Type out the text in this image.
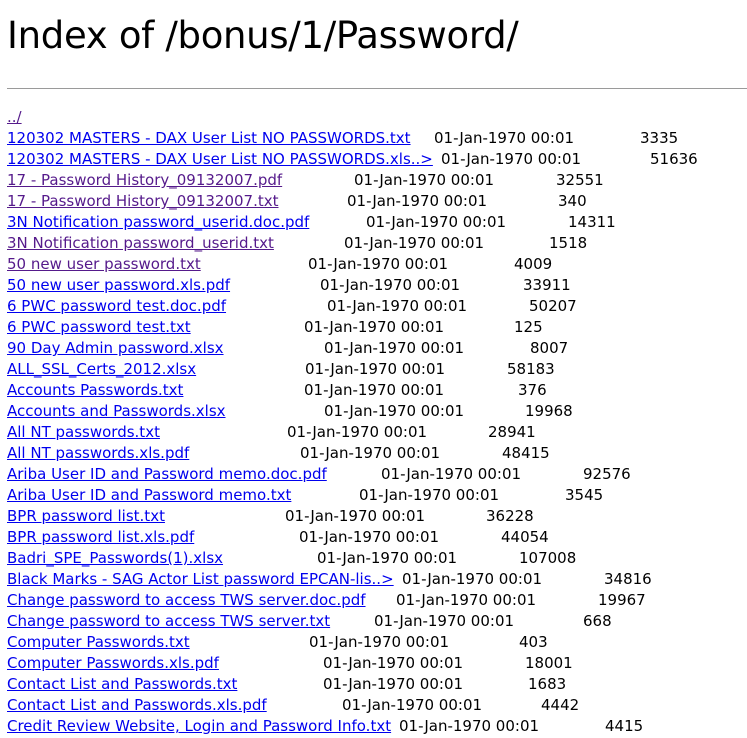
Index of /bonus/1/Password/
../
120302 MASTERS - DAX User List NO PASSWORDS.txt 01-Jan-1970 00:01	3335
120302 MASTERS - DAX User List NO PASSWORDS.xls..> 01-Jan-1970 00:01	51636
17 - Password History_09132007.pdf	01-Jan-1970 00:01	32551
17 - Password History_09132007.txt	01-Jan-1970 00:01	340
3N Notification password_userid.doc.pdf	01-Jan-1970 00:01	14311
3N Notification password_userid.txt	01-Jan-1970 00:01	1518
50 new user password.txt	01-Jan-1970 00:01	4009
50 new user password.xls.pdf	01-Jan-1970 00:01	33911
6 PWC password test.doc.pdf	01-Jan-1970 00:01	50207
6 PWC password test.txt	01-Jan-1970 00:01	125
90 Day Admin password.xlsx	01-Jan-1970 00:01	8007
ALL_SSL_Certs_2012.xlsx	01-Jan-1970 00:01	58183
Accounts Passwords.txt	01-Jan-1970 00:01	376
Accounts and Passwords.xlsx	01-Jan-1970 00:01	19968
All NT passwords.txt	01-Jan-1970 00:01	28941
All NT passwords.xls.pdf	01-Jan-1970 00:01	48415
Ariba User ID and Password memo.doc.pdf	01-Jan-1970 00:01	92576
Ariba User ID and Password memo.txt	01-Jan-1970 00:01	3545
BPR password list.txt	01-Jan-1970 00:01	36228
BPR password list.xls.pdf	01-Jan-1970 00:01	44054
Badri_SPE_Passwords(1).xlsx	01-Jan-1970 00:01	107008
Black Marks - SAG Actor List password EPCAN-lis..> 01-Jan-1970 00:01	34816
Change password to access TWS server.doc.pdf 01-Jan-1970 00:01	19967
Change password to access TWS server.txt	01-Jan-1970 00:01	668
Computer Passwords.txt	01-Jan-1970 00:01	403
Computer Passwords.xls.pdf	01-Jan-1970 00:01	18001
Contact List and Passwords.txt	01-Jan-1970 00:01	1683
Contact List and Passwords.xls.pdf	01-Jan-1970 00:01	4442
Credit Review Website, Login and Password Info.txt 01-Jan-1970 00:01	4415
